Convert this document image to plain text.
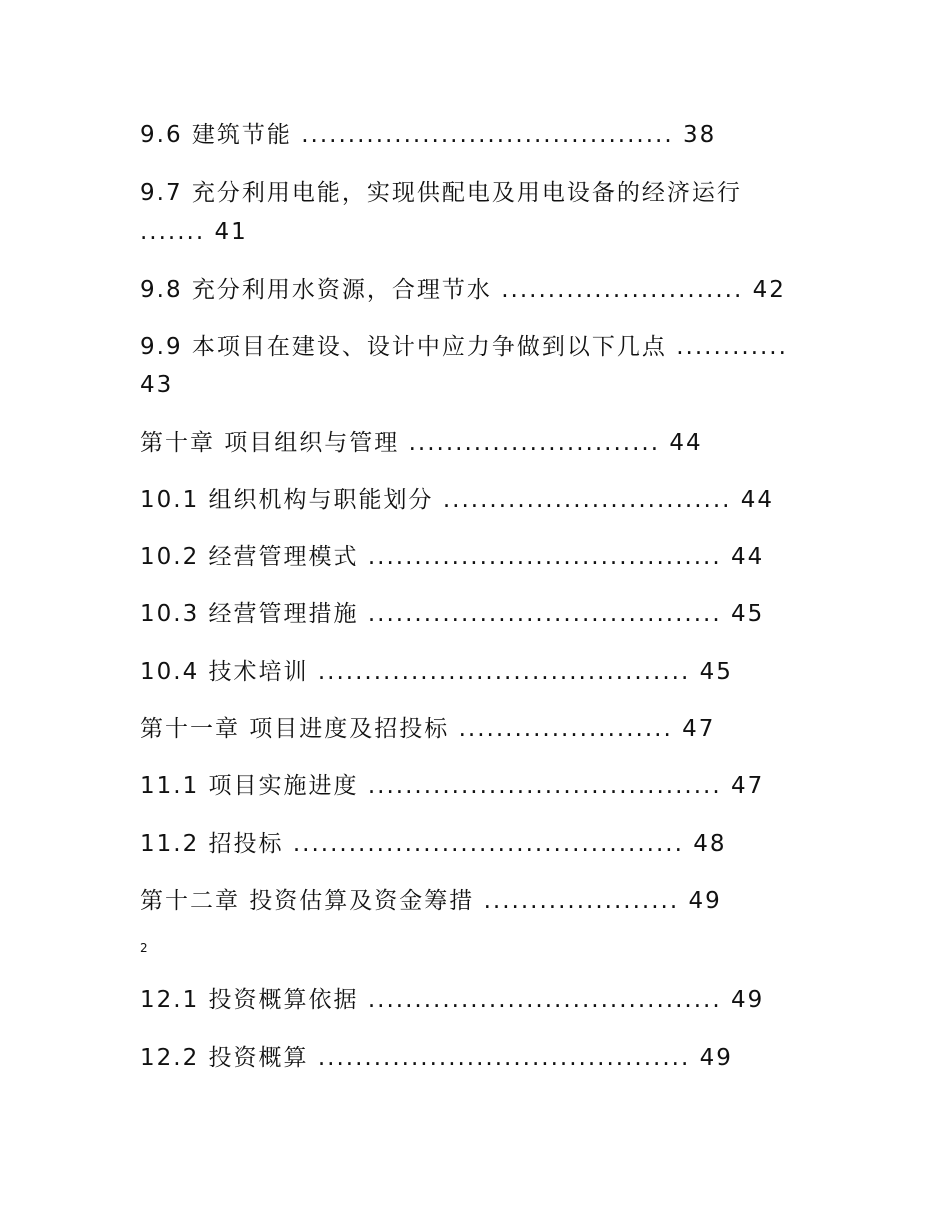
9.6 建筑节能 ........................................ 38
9.7 充分利用电能，实现供配电及用电设备的经济运行
....... 41
9.8 充分利用水资源，合理节水 .......................... 42
9.9 本项目在建设、设计中应力争做到以下几点 ............
43
第十章 项目组织与管理 ........................... 44
10.1 组织机构与职能划分 ............................... 44
10.2 经营管理模式 ...................................... 44
10.3 经营管理措施 ...................................... 45
10.4 技术培训 ........................................ 45
第十一章 项目进度及招投标 ....................... 47
11.1 项目实施进度 ...................................... 47
11.2 招投标 .......................................... 48
第十二章 投资估算及资金筹措 ..................... 49
2
12.1 投资概算依据 ...................................... 49
12.2 投资概算 ........................................ 49
